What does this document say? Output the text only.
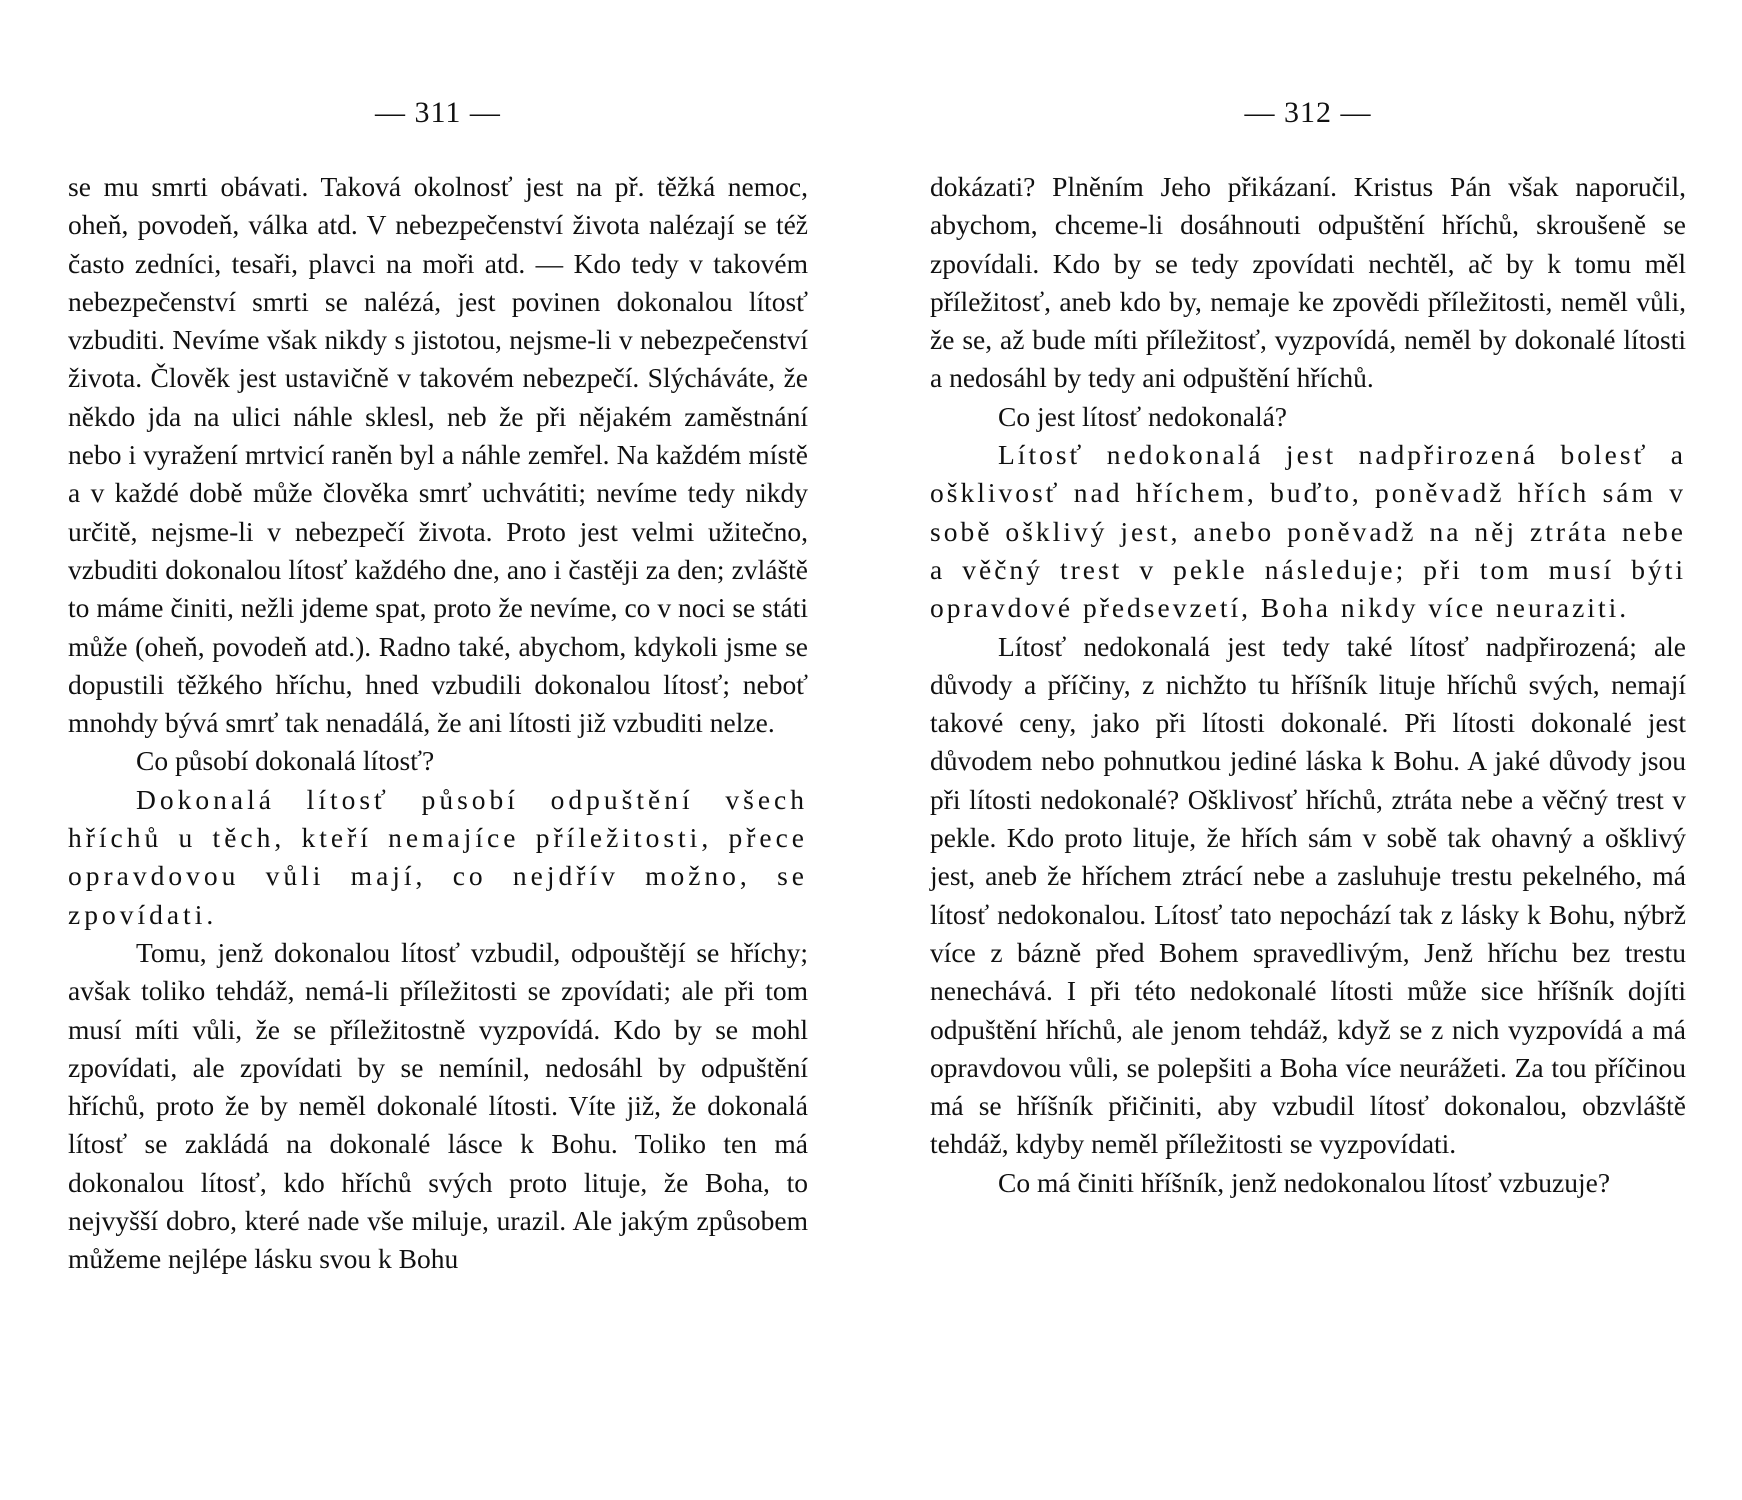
— 311 —

se mu smrti obávati. Taková okolnosť jest na př. těžká nemoc, oheň, povodeň, válka atd. V nebezpečenství života nalézají se též často zedníci, tesaři, plavci na moři atd. — Kdo tedy v takovém nebezpečenství smrti se nalézá, jest povinen dokonalou lítosť vzbuditi. Nevíme však nikdy s jistotou, nejsme-li v nebezpečenství života. Člověk jest ustavičně v takovém nebezpečí. Slýcháváte, že někdo jda na ulici náhle sklesl, neb že při nějakém zaměstnání nebo i vyražení mrtvicí raněn byl a náhle zemřel. Na každém místě a v každé době může člověka smrť uchvátiti; nevíme tedy nikdy určitě, nejsme-li v nebezpečí života. Proto jest velmi užitečno, vzbuditi dokonalou lítosť každého dne, ano i častěji za den; zvláště to máme činiti, nežli jdeme spat, proto že nevíme, co v noci se státi může (oheň, povodeň atd.). Radno také, abychom, kdykoli jsme se dopustili těžkého hříchu, hned vzbudili dokonalou lítosť; neboť mnohdy bývá smrť tak nenadálá, že ani lítosti již vzbuditi nelze.

Co působí dokonalá lítosť?

Dokonalá lítosť působí odpuštění všech hříchů u těch, kteří nemajíce příležitosti, přece opravdovou vůli mají, co nejdřív možno, se zpovídati.

Tomu, jenž dokonalou lítosť vzbudil, odpouštějí se hříchy; avšak toliko tehdáž, nemá-li příležitosti se zpovídati; ale při tom musí míti vůli, že se příležitostně vyzpovídá. Kdo by se mohl zpovídati, ale zpovídati by se nemínil, nedosáhl by odpuštění hříchů, proto že by neměl dokonalé lítosti. Víte již, že dokonalá lítosť se zakládá na dokonalé lásce k Bohu. Toliko ten má dokonalou lítosť, kdo hříchů svých proto lituje, že Boha, to nejvyšší dobro, které nade vše miluje, urazil. Ale jakým způsobem můžeme nejlépe lásku svou k Bohu

— 312 —

dokázati? Plněním Jeho přikázaní. Kristus Pán však naporučil, abychom, chceme-li dosáhnouti odpuštění hříchů, skroušeně se zpovídali. Kdo by se tedy zpovídati nechtěl, ač by k tomu měl příležitosť, aneb kdo by, nemaje ke zpovědi příležitosti, neměl vůli, že se, až bude míti příležitosť, vyzpovídá, neměl by dokonalé lítosti a nedosáhl by tedy ani odpuštění hříchů.

Co jest lítosť nedokonalá?

Lítosť nedokonalá jest nadpřirozená bolesť a ošklivosť nad hříchem, buďto, poněvadž hřích sám v sobě ošklivý jest, anebo poněvadž na něj ztráta nebe a věčný trest v pekle následuje; při tom musí býti opravdové předsevzetí, Boha nikdy více neuraziti.

Lítosť nedokonalá jest tedy také lítosť nadpřirozená; ale důvody a příčiny, z nichžto tu hříšník lituje hříchů svých, nemají takové ceny, jako při lítosti dokonalé. Při lítosti dokonalé jest důvodem nebo pohnutkou jediné láska k Bohu. A jaké důvody jsou při lítosti nedokonalé? Ošklivosť hříchů, ztráta nebe a věčný trest v pekle. Kdo proto lituje, že hřích sám v sobě tak ohavný a ošklivý jest, aneb že hříchem ztrácí nebe a zasluhuje trestu pekelného, má lítosť nedokonalou. Lítosť tato nepochází tak z lásky k Bohu, nýbrž více z bázně před Bohem spravedlivým, Jenž hříchu bez trestu nenechává. I při této nedokonalé lítosti může sice hříšník dojíti odpuštění hříchů, ale jenom tehdáž, když se z nich vyzpovídá a má opravdovou vůli, se polepšiti a Boha více neurážeti. Za tou příčinou má se hříšník přičiniti, aby vzbudil lítosť dokonalou, obzvláště tehdáž, kdyby neměl příležitosti se vyzpovídati.

Co má činiti hříšník, jenž nedokonalou lítosť vzbuzuje?
